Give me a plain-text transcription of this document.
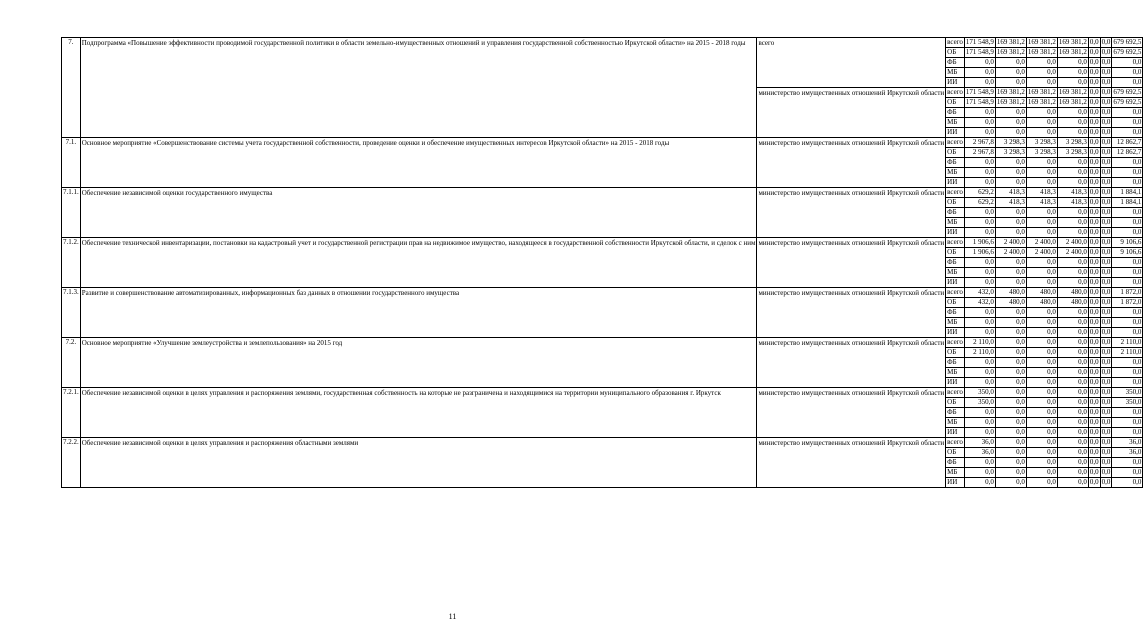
7.	Подпрограмма «Повышение эффективности проводимой государственной политики в области земельно-имущественных отношений и управления государственной собственностью Иркутской области» на 2015 - 2018 годы	всего	всего	171 548,9	169 381,2	169 381,2	169 381,2	0,0	0,0	679 692,5
			ОБ	171 548,9	169 381,2	169 381,2	169 381,2	0,0	0,0	679 692,5
			ФБ	0,0	0,0	0,0	0,0	0,0	0,0	0,0
			МБ	0,0	0,0	0,0	0,0	0,0	0,0	0,0
			ИИ	0,0	0,0	0,0	0,0	0,0	0,0	0,0
		министерство имущественных отношений Иркутской области	всего	171 548,9	169 381,2	169 381,2	169 381,2	0,0	0,0	679 692,5
			ОБ	171 548,9	169 381,2	169 381,2	169 381,2	0,0	0,0	679 692,5
			ФБ	0,0	0,0	0,0	0,0	0,0	0,0	0,0
			МБ	0,0	0,0	0,0	0,0	0,0	0,0	0,0
			ИИ	0,0	0,0	0,0	0,0	0,0	0,0	0,0
7.1.	Основное мероприятие «Совершенствование системы учета государственной собственности, проведение оценки и обеспечение имущественных интересов Иркутской области» на 2015 - 2018 годы	министерство имущественных отношений Иркутской области	всего	2 967,8	3 298,3	3 298,3	3 298,3	0,0	0,0	12 862,7
			ОБ	2 967,8	3 298,3	3 298,3	3 298,3	0,0	0,0	12 862,7
			ФБ	0,0	0,0	0,0	0,0	0,0	0,0	0,0
			МБ	0,0	0,0	0,0	0,0	0,0	0,0	0,0
			ИИ	0,0	0,0	0,0	0,0	0,0	0,0	0,0
7.1.1.	Обеспечение независимой оценки государственного имущества	министерство имущественных отношений Иркутской области	всего	629,2	418,3	418,3	418,3	0,0	0,0	1 884,1
			ОБ	629,2	418,3	418,3	418,3	0,0	0,0	1 884,1
			ФБ	0,0	0,0	0,0	0,0	0,0	0,0	0,0
			МБ	0,0	0,0	0,0	0,0	0,0	0,0	0,0
			ИИ	0,0	0,0	0,0	0,0	0,0	0,0	0,0
7.1.2.	Обеспечение технической инвентаризации, постановки на кадастровый учет и государственной регистрации прав на недвижимое имущество, находящееся в государственной собственности Иркутской области, и сделок с ним	министерство имущественных отношений Иркутской области	всего	1 906,6	2 400,0	2 400,0	2 400,0	0,0	0,0	9 106,6
			ОБ	1 906,6	2 400,0	2 400,0	2 400,0	0,0	0,0	9 106,6
			ФБ	0,0	0,0	0,0	0,0	0,0	0,0	0,0
			МБ	0,0	0,0	0,0	0,0	0,0	0,0	0,0
			ИИ	0,0	0,0	0,0	0,0	0,0	0,0	0,0
7.1.3.	Развитие и совершенствование автоматизированных, информационных баз данных в отношении государственного имущества	министерство имущественных отношений Иркутской области	всего	432,0	480,0	480,0	480,0	0,0	0,0	1 872,0
			ОБ	432,0	480,0	480,0	480,0	0,0	0,0	1 872,0
			ФБ	0,0	0,0	0,0	0,0	0,0	0,0	0,0
			МБ	0,0	0,0	0,0	0,0	0,0	0,0	0,0
			ИИ	0,0	0,0	0,0	0,0	0,0	0,0	0,0
7.2.	Основное мероприятие «Улучшение землеустройства и землепользования» на 2015 год	министерство имущественных отношений Иркутской области	всего	2 110,0	0,0	0,0	0,0	0,0	0,0	2 110,0
			ОБ	2 110,0	0,0	0,0	0,0	0,0	0,0	2 110,0
			ФБ	0,0	0,0	0,0	0,0	0,0	0,0	0,0
			МБ	0,0	0,0	0,0	0,0	0,0	0,0	0,0
			ИИ	0,0	0,0	0,0	0,0	0,0	0,0	0,0
7.2.1.	Обеспечение независимой оценки в целях управления и распоряжения землями, государственная собственность на которые не разграничена и находящимися на территории муниципального образования г. Иркутск	министерство имущественных отношений Иркутской области	всего	350,0	0,0	0,0	0,0	0,0	0,0	350,0
			ОБ	350,0	0,0	0,0	0,0	0,0	0,0	350,0
			ФБ	0,0	0,0	0,0	0,0	0,0	0,0	0,0
			МБ	0,0	0,0	0,0	0,0	0,0	0,0	0,0
			ИИ	0,0	0,0	0,0	0,0	0,0	0,0	0,0
7.2.2.	Обеспечение независимой оценки в целях управления и распоряжения областными землями	министерство имущественных отношений Иркутской области	всего	36,0	0,0	0,0	0,0	0,0	0,0	36,0
			ОБ	36,0	0,0	0,0	0,0	0,0	0,0	36,0
			ФБ	0,0	0,0	0,0	0,0	0,0	0,0	0,0
			МБ	0,0	0,0	0,0	0,0	0,0	0,0	0,0
			ИИ	0,0	0,0	0,0	0,0	0,0	0,0	0,0
11
